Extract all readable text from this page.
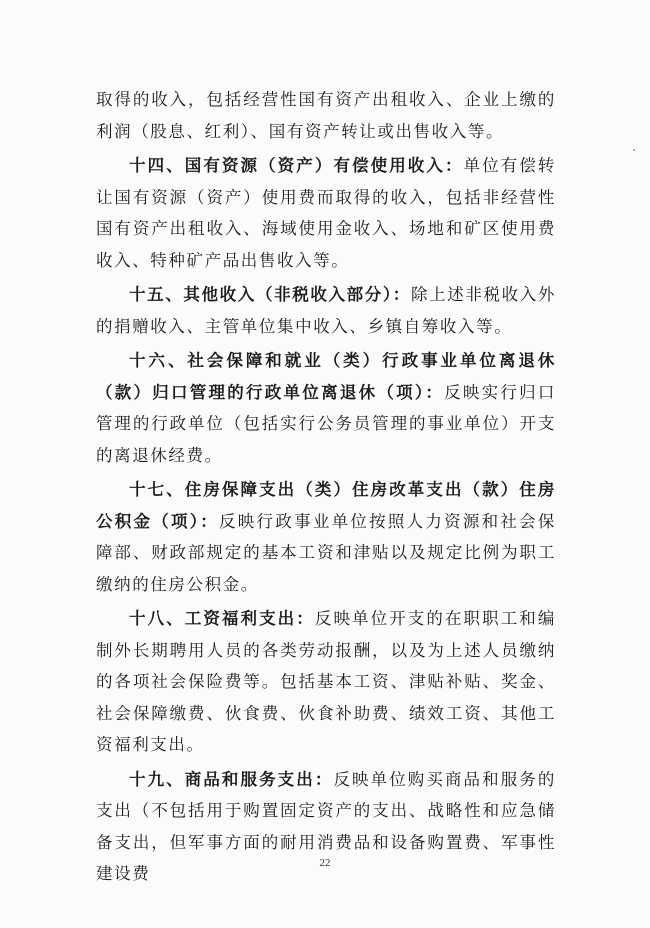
取得的收入，包括经营性国有资产出租收入、企业上缴的利润（股息、红利）、国有资产转让或出售收入等。

十四、国有资源（资产）有偿使用收入：单位有偿转让国有资源（资产）使用费而取得的收入，包括非经营性国有资产出租收入、海域使用金收入、场地和矿区使用费收入、特种矿产品出售收入等。

十五、其他收入（非税收入部分）：除上述非税收入外的捐赠收入、主管单位集中收入、乡镇自筹收入等。

十六、社会保障和就业（类）行政事业单位离退休（款）归口管理的行政单位离退休（项）：反映实行归口管理的行政单位（包括实行公务员管理的事业单位）开支的离退休经费。

十七、住房保障支出（类）住房改革支出（款）住房公积金（项）：反映行政事业单位按照人力资源和社会保障部、财政部规定的基本工资和津贴以及规定比例为职工缴纳的住房公积金。

十八、工资福利支出：反映单位开支的在职职工和编制外长期聘用人员的各类劳动报酬，以及为上述人员缴纳的各项社会保险费等。包括基本工资、津贴补贴、奖金、社会保障缴费、伙食费、伙食补助费、绩效工资、其他工资福利支出。

十九、商品和服务支出：反映单位购买商品和服务的支出（不包括用于购置固定资产的支出、战略性和应急储备支出，但军事方面的耐用消费品和设备购置费、军事性建设费

22
